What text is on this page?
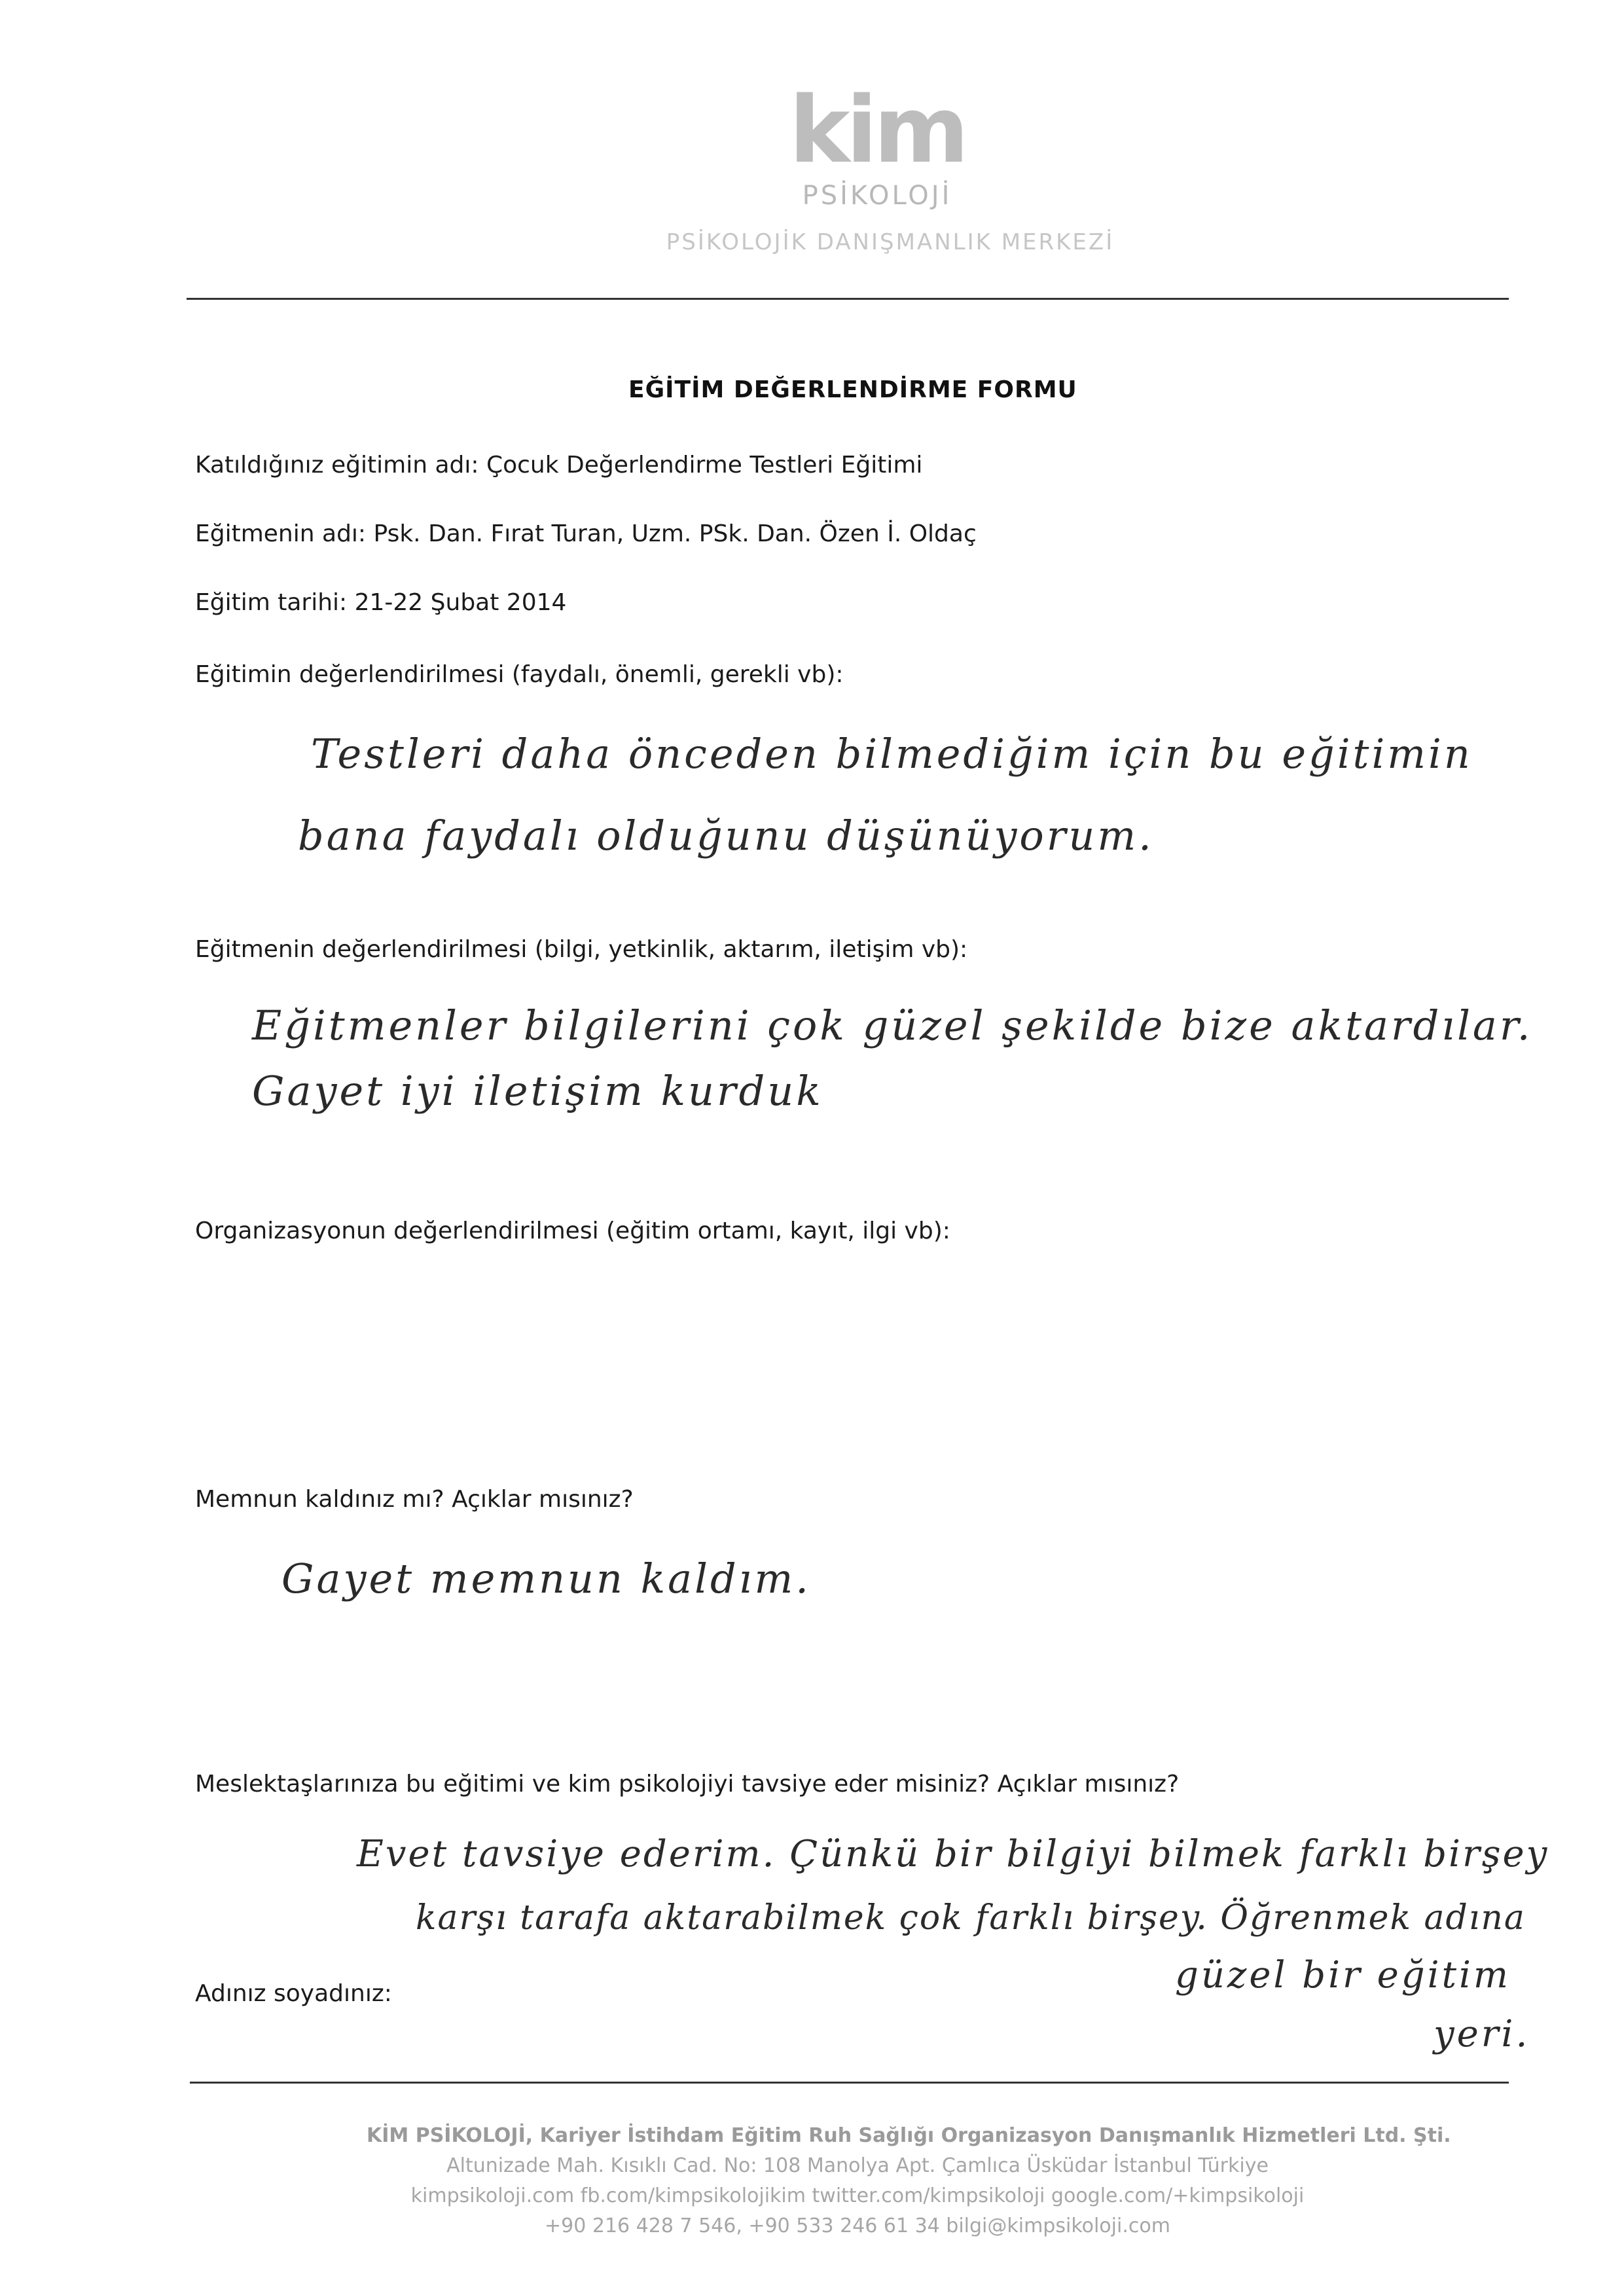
kim
PSİKOLOJİ
PSİKOLOJİK DANIŞMANLIK MERKEZİ
EĞİTİM DEĞERLENDİRME FORMU
Katıldığınız eğitimin adı: Çocuk Değerlendirme Testleri Eğitimi
Eğitmenin adı: Psk. Dan. Fırat Turan, Uzm. PSk. Dan. Özen İ. Oldaç
Eğitim tarihi: 21-22 Şubat 2014
Eğitimin değerlendirilmesi (faydalı, önemli, gerekli vb):
Testleri daha önceden bilmediğim için bu eğitimin
bana faydalı olduğunu düşünüyorum.
Eğitmenin değerlendirilmesi (bilgi, yetkinlik, aktarım, iletişim vb):
Eğitmenler bilgilerini çok güzel şekilde bize aktardılar.
Gayet iyi iletişim kurduk
Organizasyonun değerlendirilmesi (eğitim ortamı, kayıt, ilgi vb):
Memnun kaldınız mı? Açıklar mısınız?
Gayet memnun kaldım.
Meslektaşlarınıza bu eğitimi ve kim psikolojiyi tavsiye eder misiniz? Açıklar mısınız?
Evet tavsiye ederim. Çünkü bir bilgiyi bilmek farklı birşey
karşı tarafa aktarabilmek çok farklı birşey. Öğrenmek adına
güzel bir eğitim
yeri.
Adınız soyadınız:
KİM PSİKOLOJİ, Kariyer İstihdam Eğitim Ruh Sağlığı Organizasyon Danışmanlık Hizmetleri Ltd. Şti.
Altunizade Mah. Kısıklı Cad. No: 108 Manolya Apt. Çamlıca Üsküdar İstanbul Türkiye
kimpsikoloji.com fb.com/kimpsikolojikim twitter.com/kimpsikoloji google.com/+kimpsikoloji
+90 216 428 7 546, +90 533 246 61 34 bilgi@kimpsikoloji.com
